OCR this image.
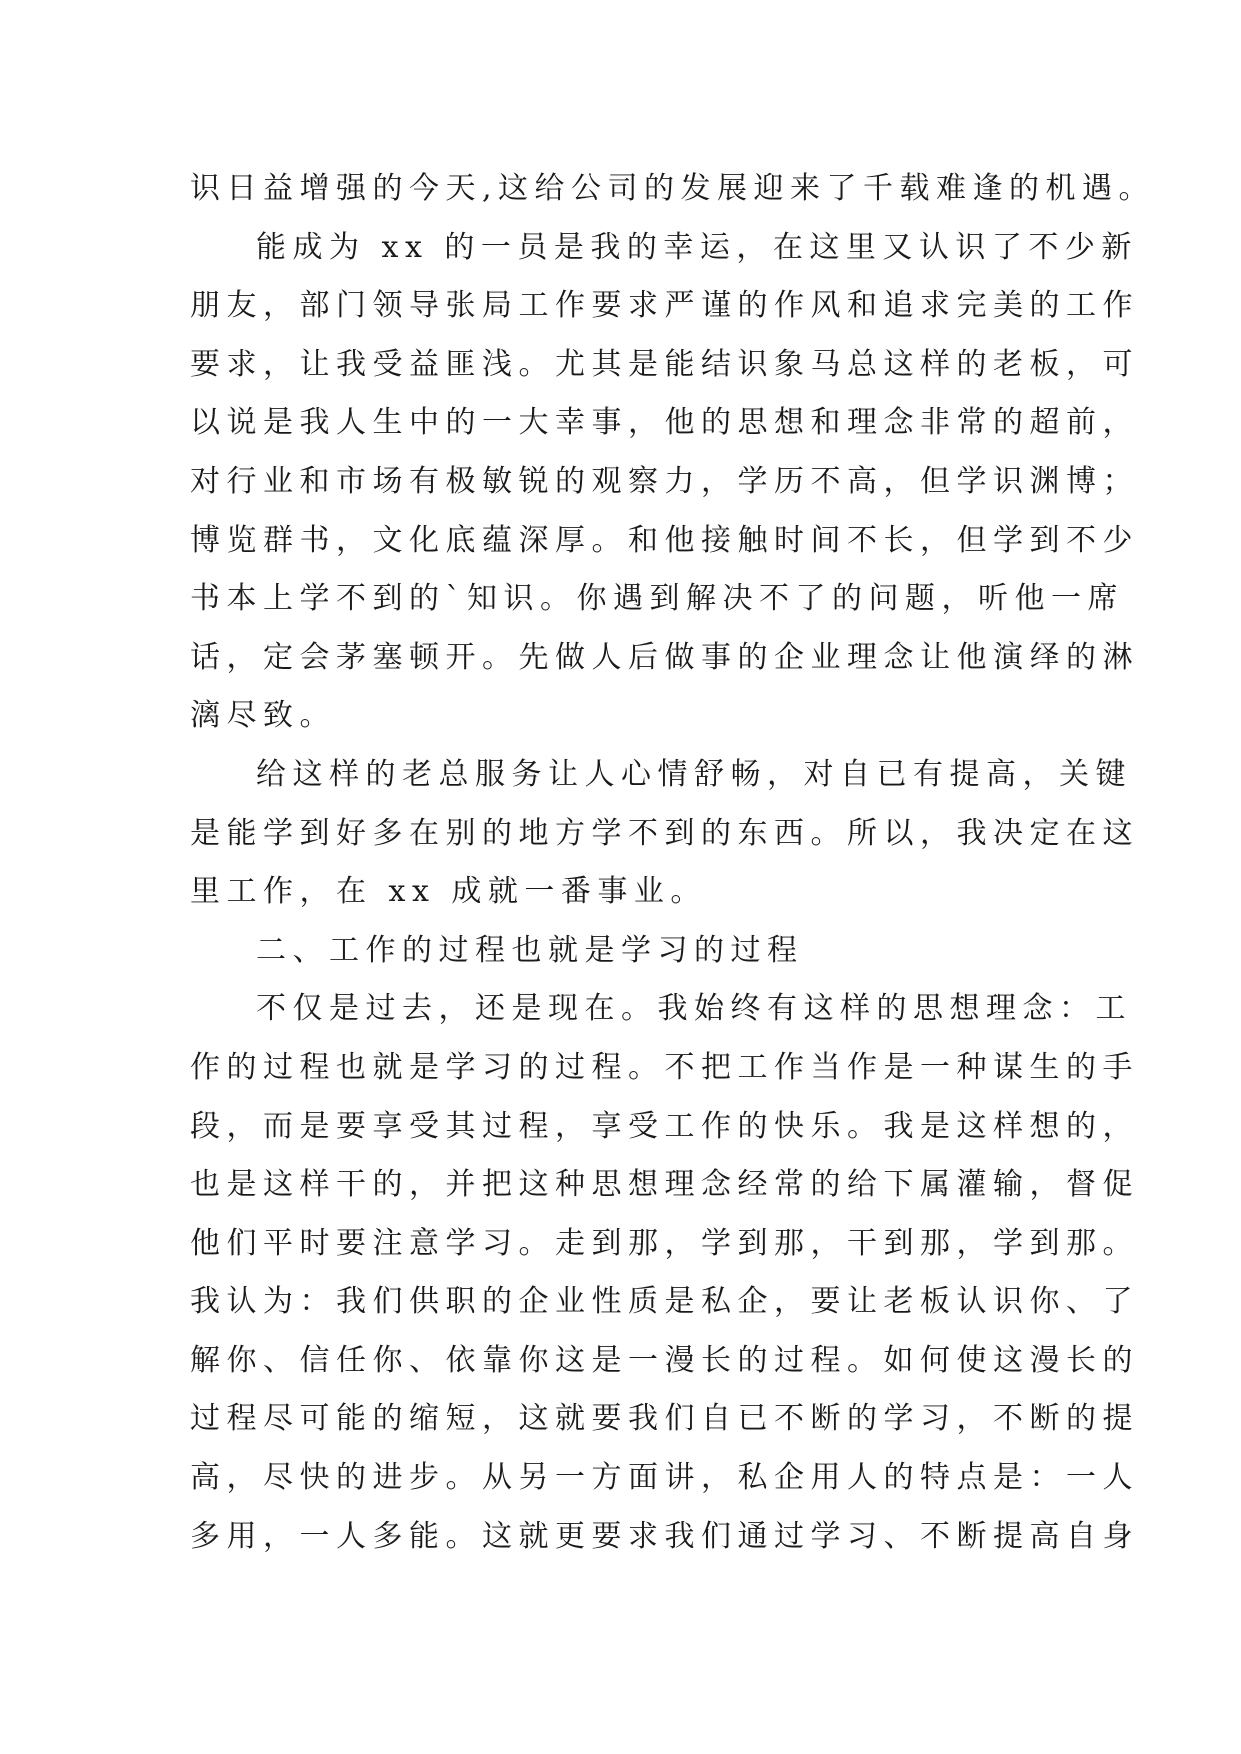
识日益增强的今天,这给公司的发展迎来了千载难逢的机遇。
能成为 xx 的一员是我的幸运，在这里又认识了不少新
朋友，部门领导张局工作要求严谨的作风和追求完美的工作
要求，让我受益匪浅。尤其是能结识象马总这样的老板，可
以说是我人生中的一大幸事，他的思想和理念非常的超前，
对行业和市场有极敏锐的观察力，学历不高，但学识渊博；
博览群书，文化底蕴深厚。和他接触时间不长，但学到不少
书本上学不到的`知识。你遇到解决不了的问题，听他一席
话，定会茅塞顿开。先做人后做事的企业理念让他演绎的淋
漓尽致。
给这样的老总服务让人心情舒畅，对自已有提高，关键
是能学到好多在别的地方学不到的东西。所以，我决定在这
里工作，在 xx 成就一番事业。
二、工作的过程也就是学习的过程
不仅是过去，还是现在。我始终有这样的思想理念：工
作的过程也就是学习的过程。不把工作当作是一种谋生的手
段，而是要享受其过程，享受工作的快乐。我是这样想的，
也是这样干的，并把这种思想理念经常的给下属灌输，督促
他们平时要注意学习。走到那，学到那，干到那，学到那。
我认为：我们供职的企业性质是私企，要让老板认识你、了
解你、信任你、依靠你这是一漫长的过程。如何使这漫长的
过程尽可能的缩短，这就要我们自已不断的学习，不断的提
高，尽快的进步。从另一方面讲，私企用人的特点是：一人
多用，一人多能。这就更要求我们通过学习、不断提高自身
